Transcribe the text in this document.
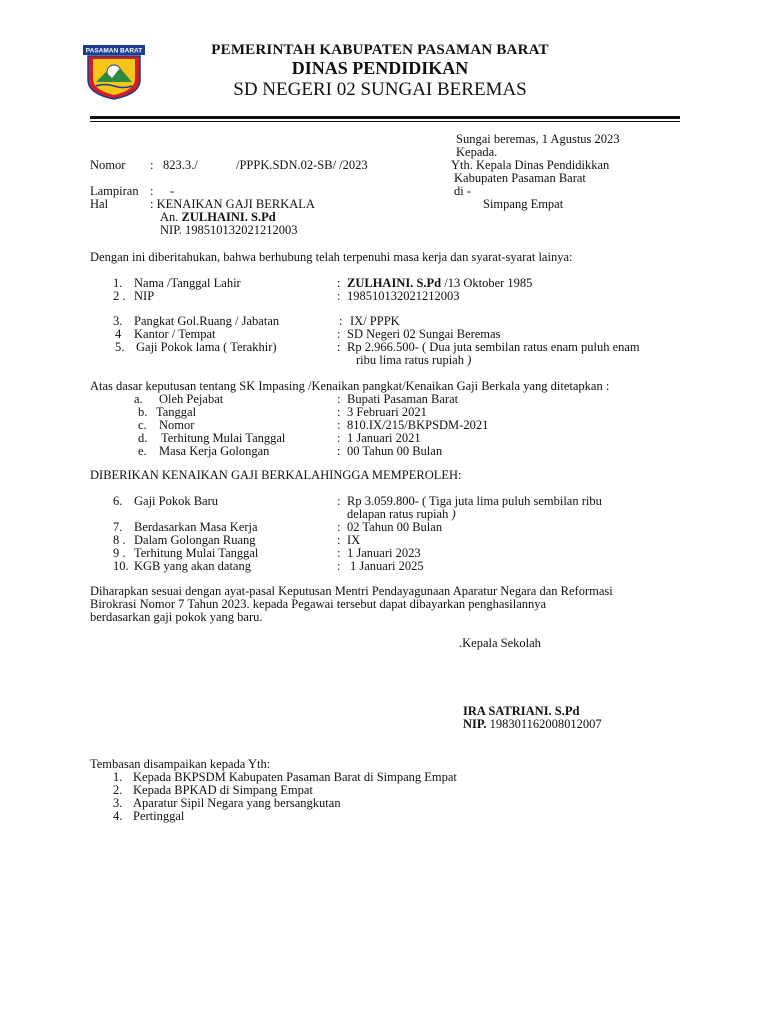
PASAMAN BARAT	PEMERINTAH KABUPATEN PASAMAN BARAT
DINAS PENDIDIKAN
SD NEGERI 02 SUNGAI BEREMAS
Sungai beremas, 1 Agustus 2023
Kepada.
Yth. Kepala Dinas Pendidikkan
Kabupaten Pasaman Barat
di -
Simpang Empat
Nomor : 823.3./	/PPPK.SDN.02-SB/ /2023
Lampiran : -
Hal	: KENAIKAN GAJI BERKALA
An. ZULHAINI. S.Pd
NIP. 198510132021212003
Dengan ini diberitahukan, bahwa berhubung telah terpenuhi masa kerja dan syarat-syarat lainya:
1. Nama /Tanggal Lahir	: ZULHAINI. S.Pd /13 Oktober 1985
2 . NIP	: 198510132021212003
3. Pangkat Gol.Ruang / Jabatan	: IX/ PPPK
4 Kantor / Tempat	: SD Negeri 02 Sungai Beremas
5. Gaji Pokok lama ( Terakhir)	: Rp 2.966.500- ( Dua juta sembilan ratus enam puluh enam
ribu lima ratus rupiah )
Atas dasar keputusan tentang SK Impasing /Kenaikan pangkat/Kenaikan Gaji Berkala yang ditetapkan :
a. Oleh Pejabat	: Bupati Pasaman Barat
b. Tanggal	: 3 Februari 2021
c. Nomor	: 810.IX/215/BKPSDM-2021
d. Terhitung Mulai Tanggal	: 1 Januari 2021
e. Masa Kerja Golongan	: 00 Tahun 00 Bulan
DIBERIKAN KENAIKAN GAJI BERKALAHINGGA MEMPEROLEH:
6. Gaji Pokok Baru	: Rp 3.059.800- ( Tiga juta lima puluh sembilan ribu
delapan ratus rupiah )
7. Berdasarkan Masa Kerja	: 02 Tahun 00 Bulan
8 . Dalam Golongan Ruang	: IX
9 . Terhitung Mulai Tanggal	: 1 Januari 2023
10. KGB yang akan datang	: 1 Januari 2025
Diharapkan sesuai dengan ayat-pasal Keputusan Mentri Pendayagunaan Aparatur Negara dan Reformasi
Birokrasi Nomor 7 Tahun 2023. kepada Pegawai tersebut dapat dibayarkan penghasilannya
berdasarkan gaji pokok yang baru.
.Kepala Sekolah
IRA SATRIANI. S.Pd
NIP. 198301162008012007
Tembasan disampaikan kepada Yth:
1. Kepada BKPSDM Kabupaten Pasaman Barat di Simpang Empat
2. Kepada BPKAD di Simpang Empat
3. Aparatur Sipil Negara yang bersangkutan
4. Pertinggal
